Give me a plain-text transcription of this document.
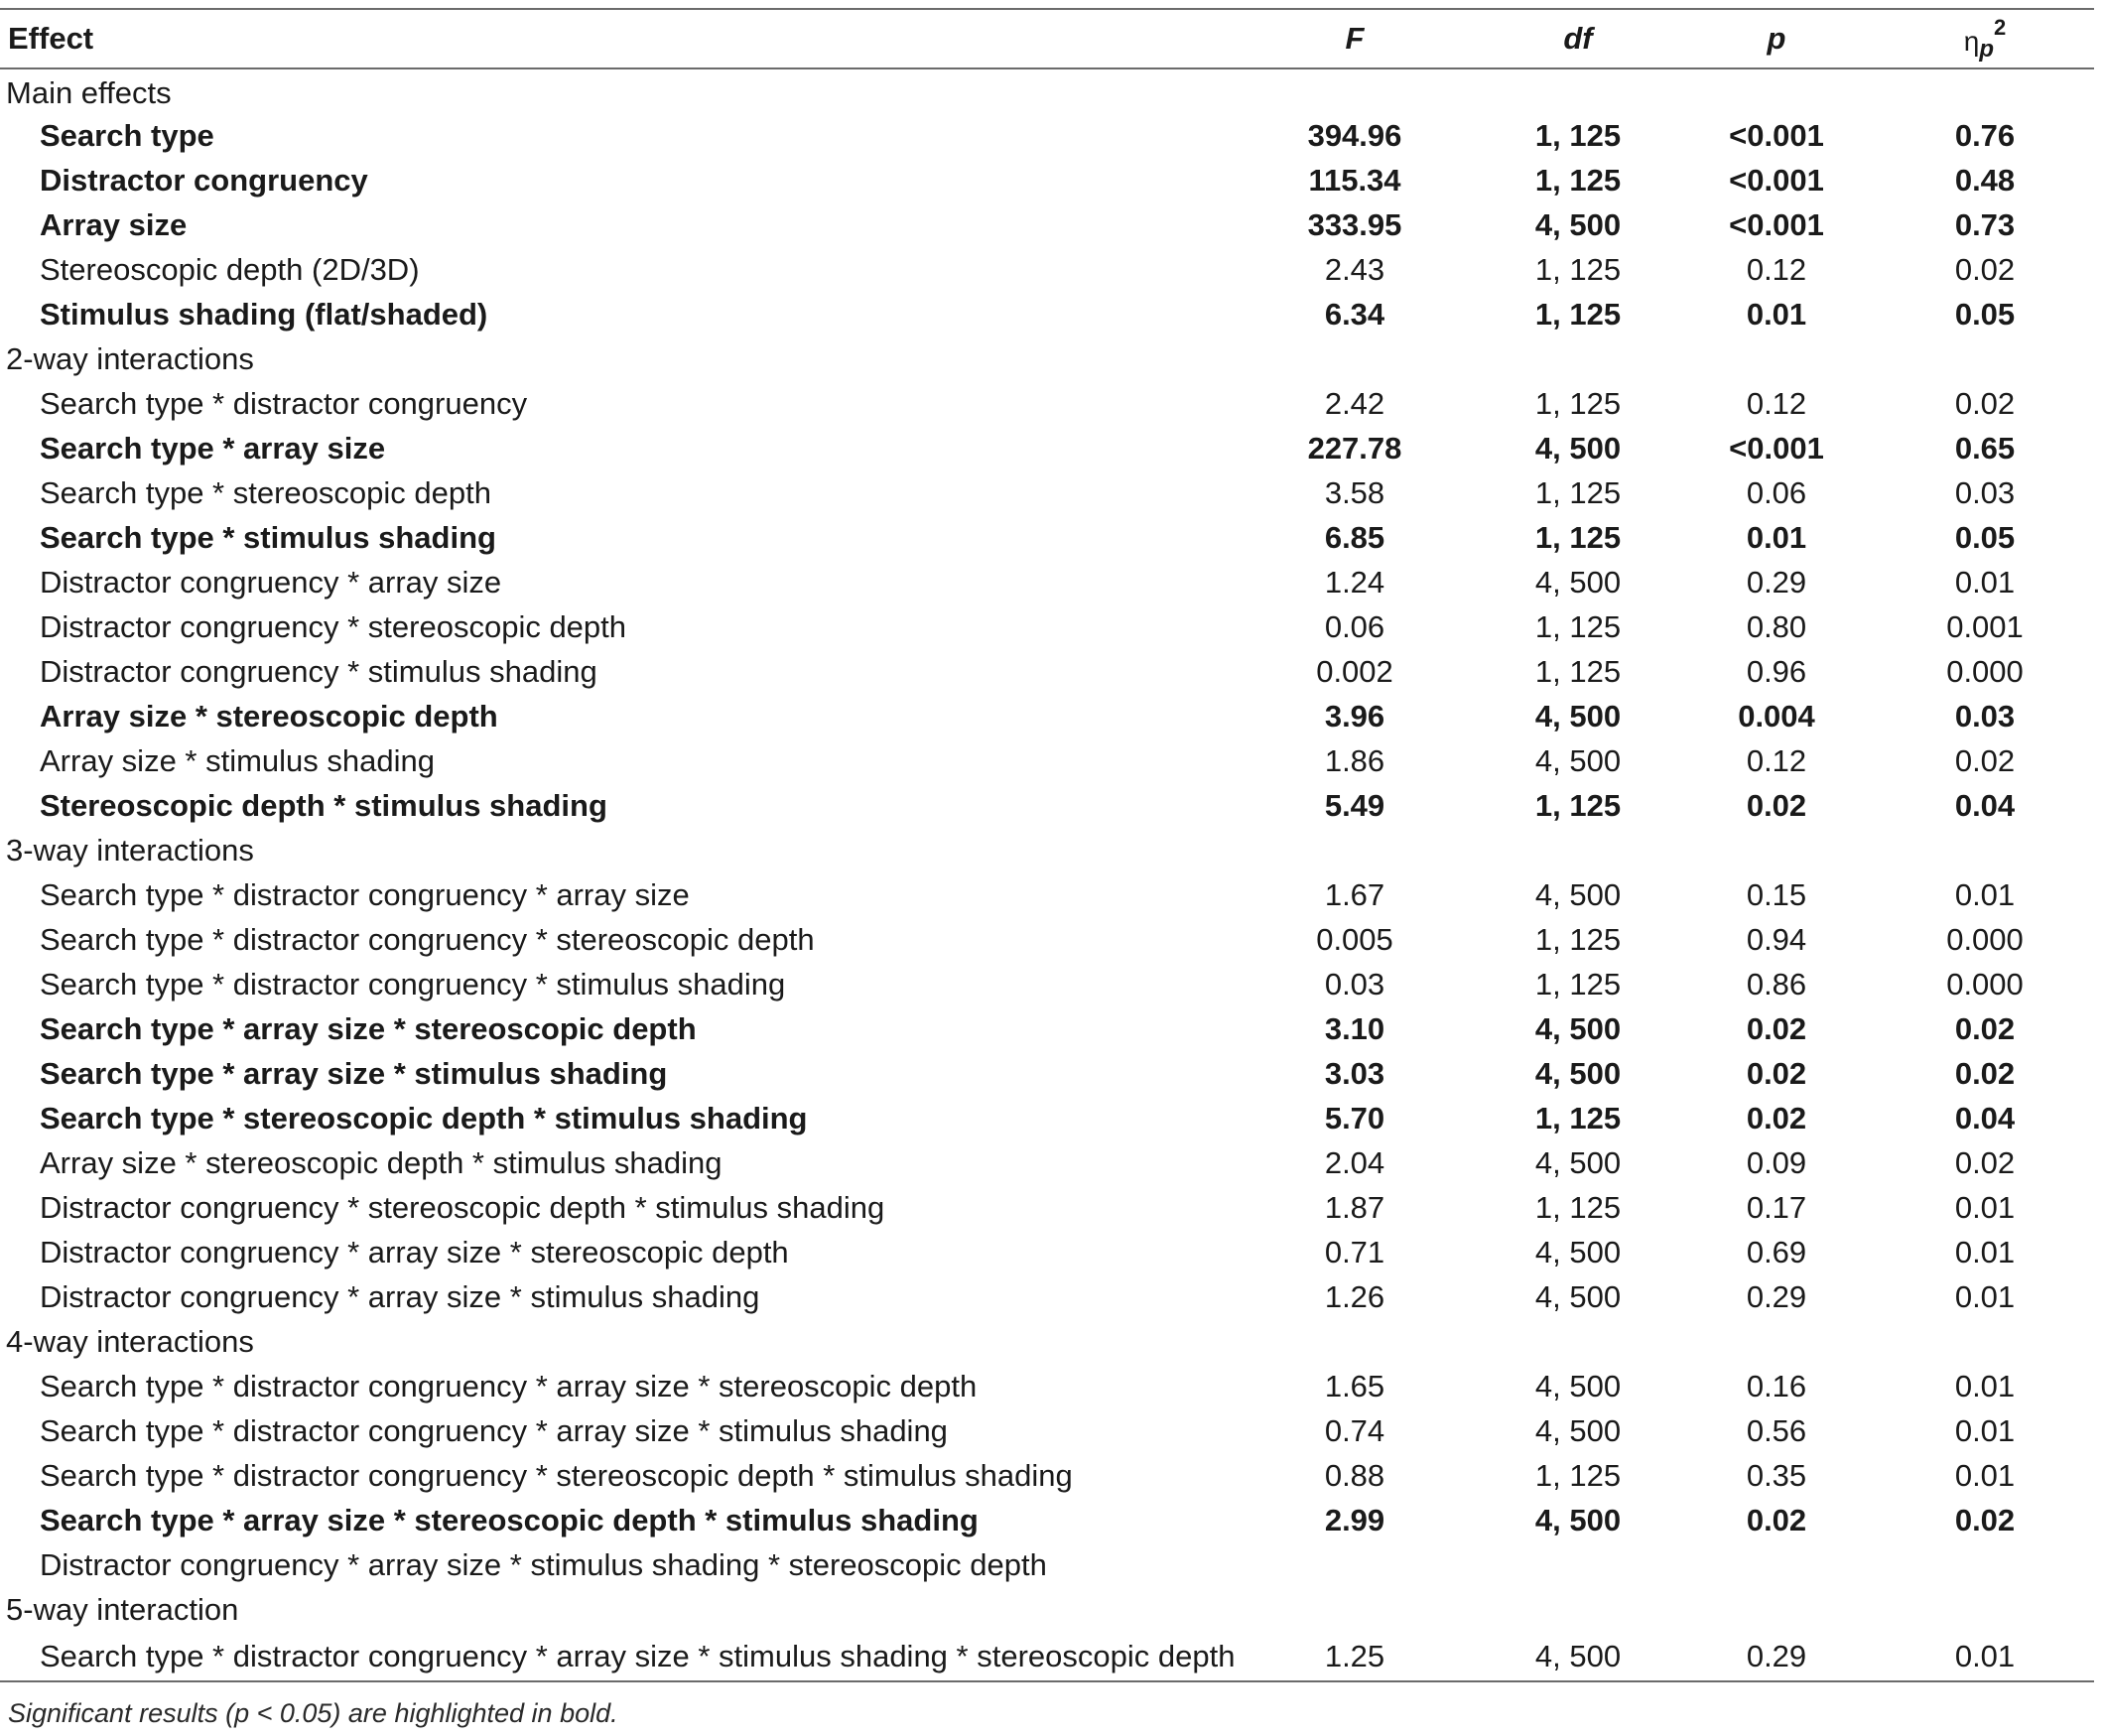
Effect	F	df	p	$\eta p^2$
Main effects				
Search type	394.96	1, 125	<0.001	0.76
Distractor congruency	115.34	1, 125	<0.001	0.48
Array size	333.95	4, 500	<0.001	0.73
Stereoscopic depth (2D/3D)	2.43	1, 125	0.12	0.02
Stimulus shading (flat/shaded)	6.34	1, 125	0.01	0.05
2-way interactions				
Search type * distractor congruency	2.42	1, 125	0.12	0.02
Search type * array size	227.78	4, 500	<0.001	0.65
Search type * stereoscopic depth	3.58	1, 125	0.06	0.03
Search type * stimulus shading	6.85	1, 125	0.01	0.05
Distractor congruency * array size	1.24	4, 500	0.29	0.01
Distractor congruency * stereoscopic depth	0.06	1, 125	0.80	0.001
Distractor congruency * stimulus shading	0.002	1, 125	0.96	0.000
Array size * stereoscopic depth	3.96	4, 500	0.004	0.03
Array size * stimulus shading	1.86	4, 500	0.12	0.02
Stereoscopic depth * stimulus shading	5.49	1, 125	0.02	0.04
3-way interactions				
Search type * distractor congruency * array size	1.67	4, 500	0.15	0.01
Search type * distractor congruency * stereoscopic depth	0.005	1, 125	0.94	0.000
Search type * distractor congruency * stimulus shading	0.03	1, 125	0.86	0.000
Search type * array size * stereoscopic depth	3.10	4, 500	0.02	0.02
Search type * array size * stimulus shading	3.03	4, 500	0.02	0.02
Search type * stereoscopic depth * stimulus shading	5.70	1, 125	0.02	0.04
Array size * stereoscopic depth * stimulus shading	2.04	4, 500	0.09	0.02
Distractor congruency * stereoscopic depth * stimulus shading	1.87	1, 125	0.17	0.01
Distractor congruency * array size * stereoscopic depth	0.71	4, 500	0.69	0.01
Distractor congruency * array size * stimulus shading	1.26	4, 500	0.29	0.01
4-way interactions				
Search type * distractor congruency * array size * stereoscopic depth	1.65	4, 500	0.16	0.01
Search type * distractor congruency * array size * stimulus shading	0.74	4, 500	0.56	0.01
Search type * distractor congruency * stereoscopic depth * stimulus shading	0.88	1, 125	0.35	0.01
Search type * array size * stereoscopic depth * stimulus shading	2.99	4, 500	0.02	0.02
Distractor congruency * array size * stimulus shading * stereoscopic depth				
5-way interaction				
Search type * distractor congruency * array size * stimulus shading * stereoscopic depth	1.25	4, 500	0.29	0.01

Significant results (p < 0.05) are highlighted in bold.
